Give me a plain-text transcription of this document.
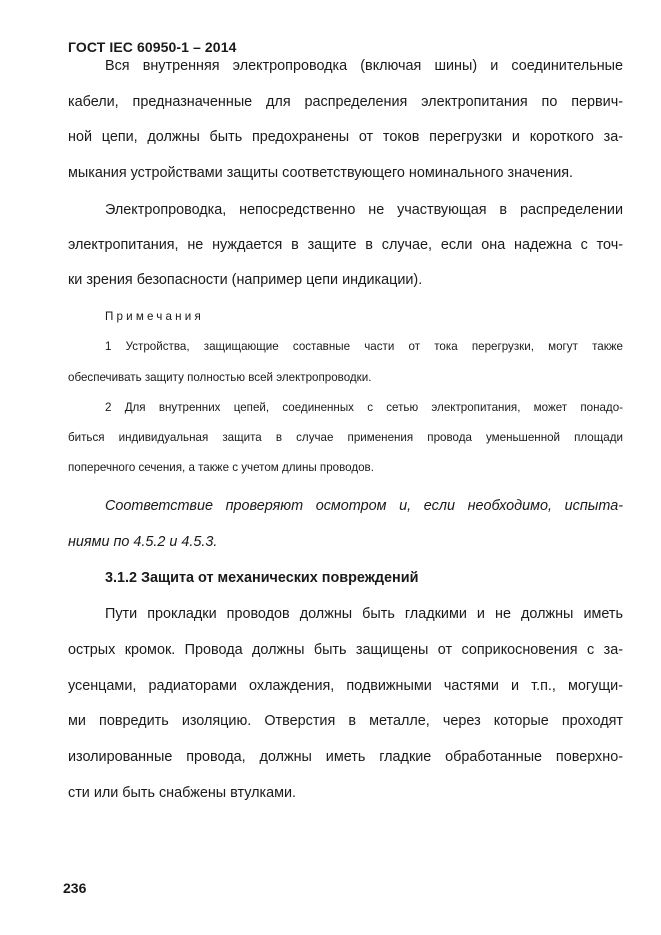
ГОСТ IEC 60950-1 – 2014
Вся внутренняя электропроводка (включая шины) и соединительные
кабели, предназначенные для распределения электропитания по первич-
ной цепи, должны быть предохранены от токов перегрузки и короткого за-
мыкания устройствами защиты соответствующего номинального значения.
Электропроводка, непосредственно не участвующая в распределении
электропитания, не нуждается в защите в случае, если она надежна с точ-
ки зрения безопасности (например цепи индикации).
Примечания
1 Устройства, защищающие составные части от тока перегрузки, могут также
обеспечивать защиту полностью всей электропроводки.
2 Для внутренних цепей, соединенных с сетью электропитания, может понадо-
биться индивидуальная защита в случае применения провода уменьшенной площади
поперечного сечения, а также с учетом длины проводов.
Соответствие проверяют осмотром и, если необходимо, испыта-
ниями по 4.5.2 и 4.5.3.
3.1.2 Защита от механических повреждений
Пути прокладки проводов должны быть гладкими и не должны иметь
острых кромок. Провода должны быть защищены от соприкосновения с за-
усенцами, радиаторами охлаждения, подвижными частями и т.п., могущи-
ми повредить изоляцию. Отверстия в металле, через которые проходят
изолированные провода, должны иметь гладкие обработанные поверхно-
сти или быть снабжены втулками.
236
